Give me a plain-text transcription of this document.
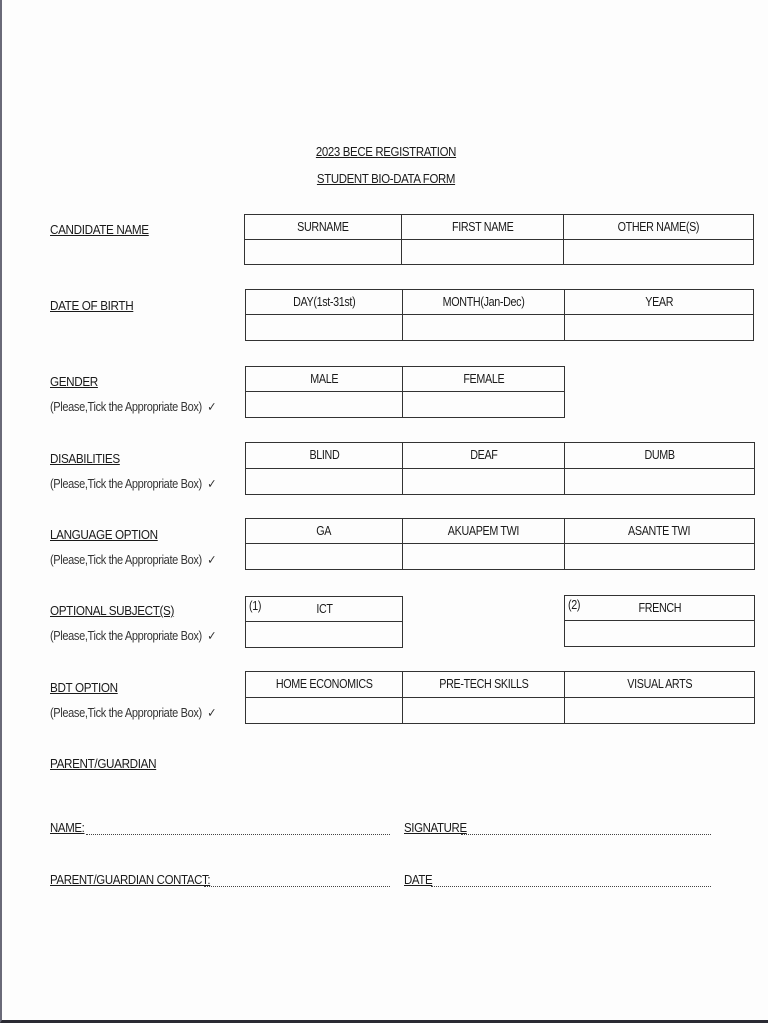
2023 BECE REGISTRATION
STUDENT BIO-DATA FORM
CANDIDATE NAME	SURNAME	FIRST NAME	OTHER NAME(S)
DATE OF BIRTH	DAY(1st-31st)	MONTH(Jan-Dec)	YEAR
GENDER
(Please,Tick the Appropriate Box) ✓
MALE	FEMALE
DISABILITIES
(Please,Tick the Appropriate Box) ✓
BLIND	DEAF	DUMB
LANGUAGE OPTION
(Please,Tick the Appropriate Box) ✓
GA	AKUAPEM TWI	ASANTE TWI
OPTIONAL SUBJECT(S)
(Please,Tick the Appropriate Box) ✓
(1)	ICT	(2)	FRENCH
BDT OPTION
(Please,Tick the Appropriate Box) ✓
HOME ECONOMICS	PRE-TECH SKILLS	VISUAL ARTS
PARENT/GUARDIAN
NAME:	SIGNATURE
PARENT/GUARDIAN CONTACT:	DATE
